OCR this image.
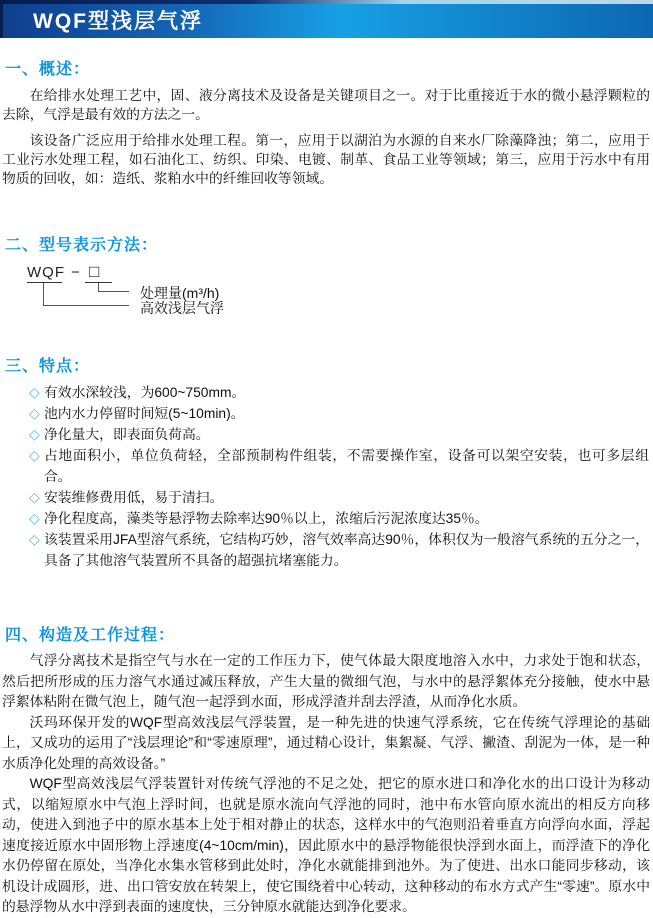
WQF型浅层气浮
一、概述：

在给排水处理工艺中，固、液分离技术及设备是关键项目之一。对于比重接近于水的微小悬浮颗粒的去除，气浮是最有效的方法之一。

该设备广泛应用于给排水处理工程。第一，应用于以湖泊为水源的自来水厂除藻降浊；第二，应用于工业污水处理工程，如石油化工、纺织、印染、电镀、制革、食品工业等领域；第三，应用于污水中有用物质的回收，如：造纸、浆粕水中的纤维回收等领域。

二、型号表示方法：
WQF − □
处理量(m³/h)
高效浅层气浮
三、特点：
◇ 有效水深较浅，为600~750mm。
◇ 池内水力停留时间短(5~10min)。
◇ 净化量大，即表面负荷高。
◇ 占地面积小，单位负荷轻，全部预制构件组装，不需要操作室，设备可以架空安装，也可多层组合。
◇ 安装维修费用低，易于清扫。
◇ 净化程度高，藻类等悬浮物去除率达90％以上，浓缩后污泥浓度达35％。
◇ 该装置采用JFA型溶气系统，它结构巧妙，溶气效率高达90％，体积仅为一般溶气系统的五分之一，具备了其他溶气装置所不具备的超强抗堵塞能力。
四、构造及工作过程：

气浮分离技术是指空气与水在一定的工作压力下，使气体最大限度地溶入水中，力求处于饱和状态，然后把所形成的压力溶气水通过减压释放，产生大量的微细气泡，与水中的悬浮絮体充分接触，使水中悬浮絮体粘附在微气泡上，随气泡一起浮到水面，形成浮渣并刮去浮渣，从而净化水质。

沃玛环保开发的WQF型高效浅层气浮装置，是一种先进的快速气浮系统，它在传统气浮理论的基础上，又成功的运用了“浅层理论”和“零速原理”，通过精心设计，集絮凝、气浮、撇渣、刮泥为一体，是一种水质净化处理的高效设备。”

WQF型高效浅层气浮装置针对传统气浮池的不足之处，把它的原水进口和净化水的出口设计为移动式，以缩短原水中气泡上浮时间，也就是原水流向气浮池的同时，池中布水管向原水流出的相反方向移动，使进入到池子中的原水基本上处于相对静止的状态，这样水中的气泡则沿着垂直方向浮向水面，浮起速度接近原水中固形物上浮速度(4~10cm/min)，因此原水中的悬浮物能很快浮到水面上，而浮渣下的净化水仍停留在原处，当净化水集水管移到此处时，净化水就能排到池外。为了使进、出水口能同步移动，该机设计成圆形，进、出口管安放在转架上，使它围绕着中心转动，这种移动的布水方式产生“零速”。原水中的悬浮物从水中浮到表面的速度快，三分钟原水就能达到净化要求。
